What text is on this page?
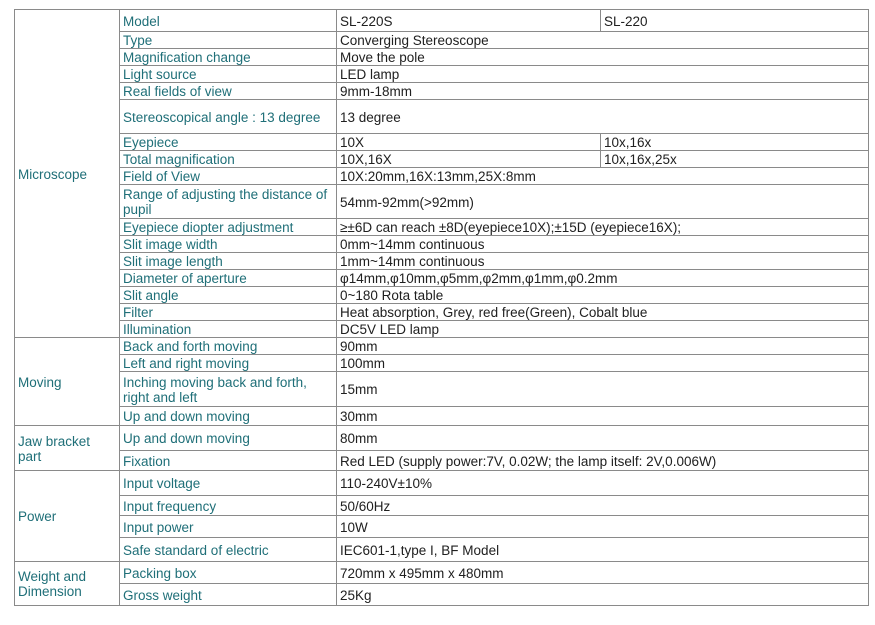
Microscope	Model	SL-220S	SL-220
	Type	Converging Stereoscope	
	Magnification change	Move the pole	
	Light source	LED lamp	
	Real fields of view	9mm-18mm	
	Stereoscopical angle : 13 degree	13 degree	
	Eyepiece	10X	10x,16x
	Total magnification	10X,16X	10x,16x,25x
	Field of View	10X:20mm,16X:13mm,25X:8mm	
	Range of adjusting the distance of pupil	54mm-92mm(>92mm)	
	Eyepiece diopter adjustment	≥±6D can reach ±8D(eyepiece10X);±15D (eyepiece16X);	
	Slit image width	0mm~14mm continuous	
	Slit image length	1mm~14mm continuous	
	Diameter of aperture	φ14mm,φ10mm,φ5mm,φ2mm,φ1mm,φ0.2mm	
	Slit angle	0~180 Rota table	
	Filter	Heat absorption, Grey, red free(Green), Cobalt blue	
	Illumination	DC5V LED lamp	
Moving	Back and forth moving	90mm	
	Left and right moving	100mm	
	Inching moving back and forth, right and left	15mm	
	Up and down moving	30mm	
Jaw bracket part	Up and down moving	80mm	
	Fixation	Red LED (supply power:7V, 0.02W; the lamp itself: 2V,0.006W)	
Power	Input voltage	110-240V±10%	
	Input frequency	50/60Hz	
	Input power	10W	
	Safe standard of electric	IEC601-1,type I, BF Model	
Weight and Dimension	Packing box	720mm x 495mm x 480mm	
	Gross weight	25Kg	
